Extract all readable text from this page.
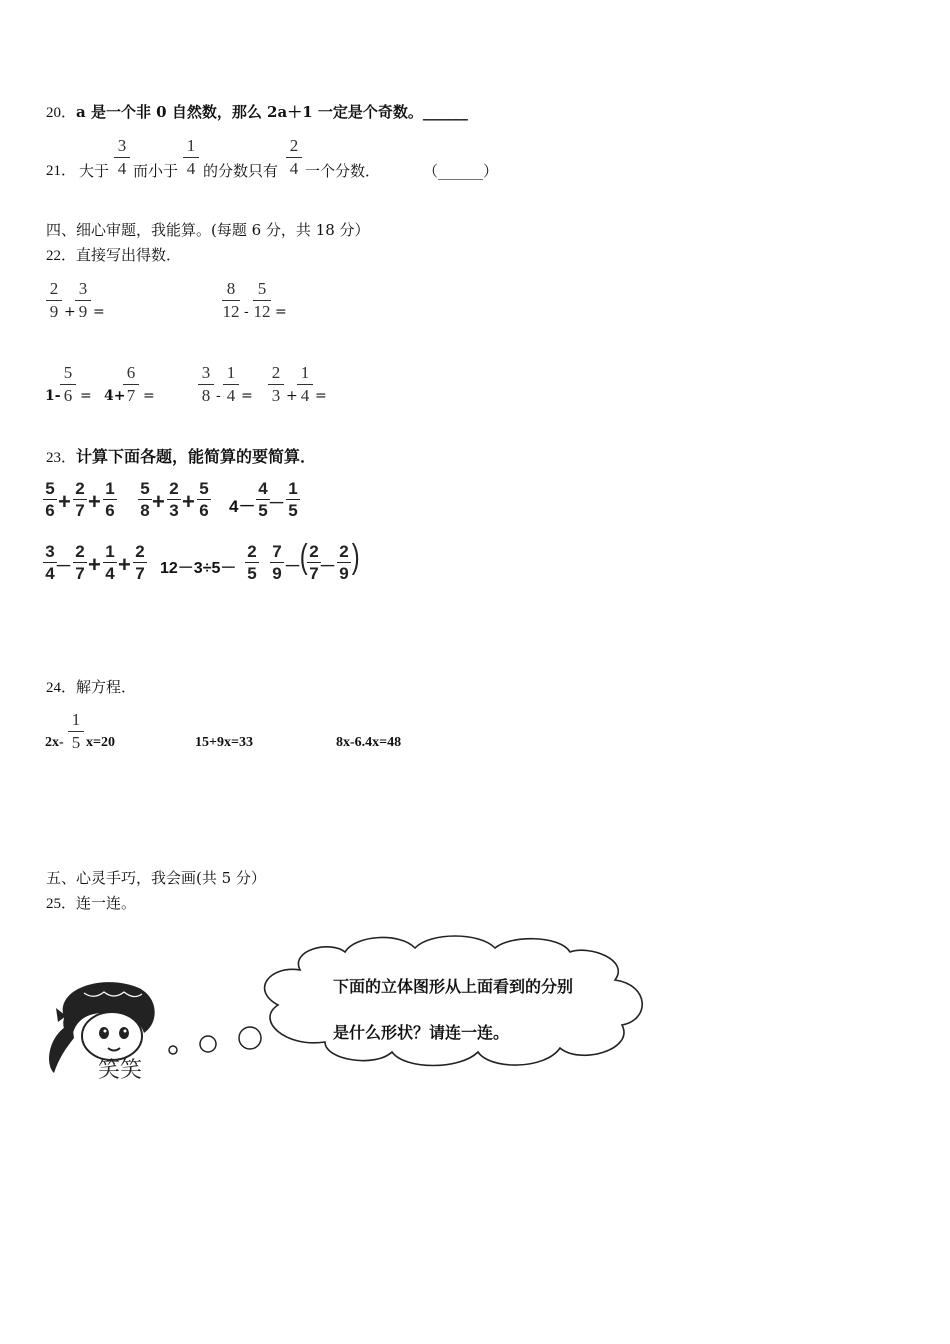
20．a 是一个非 0 自然数，那么 2a＋1 一定是个奇数。______
21． 大于
3
4 而小于
1
4 的分数只有
2
4 一个分数．	（______）
四、细心审题，我能算。(每题 6 分，共 18 分）
22．直接写出得数．
2
9 +
3
9 =
8
12 -
5
12 =
1-
5
6 = 4+
6
7 =
3
8 -
1
4 =
2
3 +
1
4 =
23．计算下面各题，能简算的要简算．
5
6 +
2
7 +
1
6
5
8 +
2
3 +
5
6 4－
4
5 －
1
5
3
4 －
2
7 +
1
4 +
2
7 12－3÷5－
2
5
7
9 －
( 2
7 －
2
9 )
24．解方程．
2x-
1
5 x=20	15+9x=33	8x-6.4x=48
五、心灵手巧，我会画(共 5 分）
25．连一连。
笑笑
下面的立体图形从上面看到的分别
是什么形状？请连一连。
